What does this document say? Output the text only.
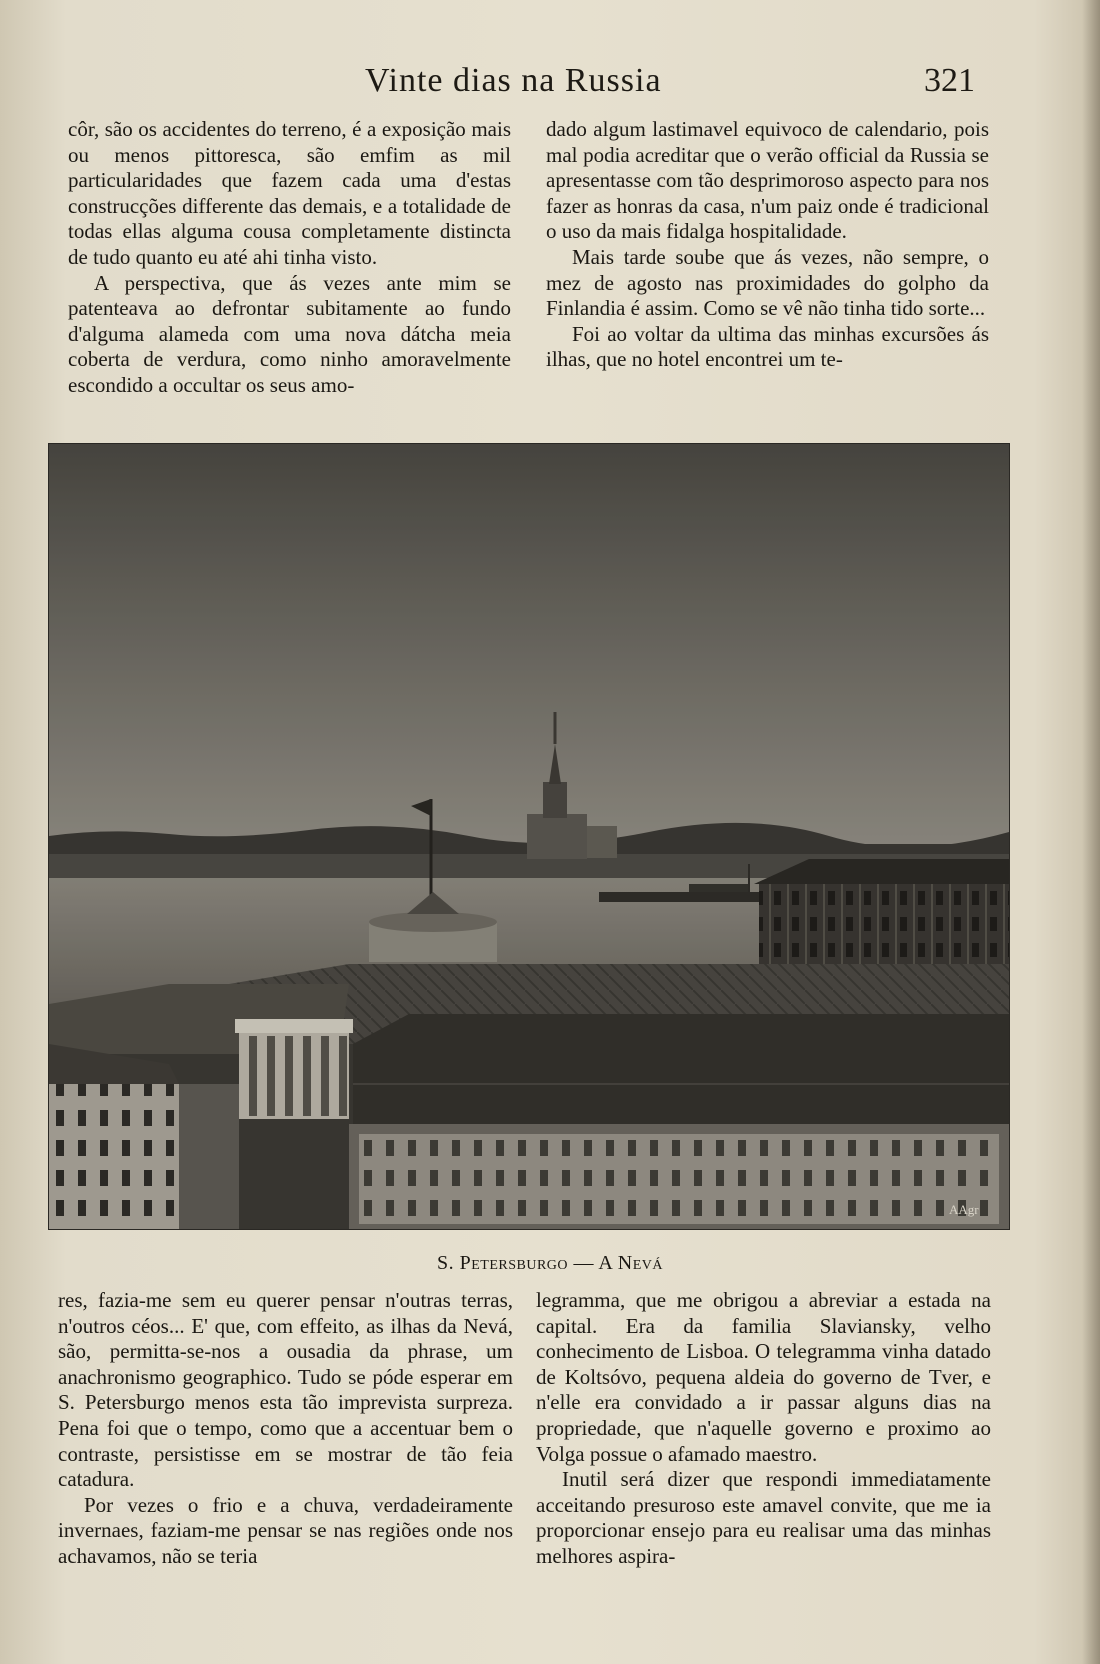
Vinte dias na Russia	321

côr, são os accidentes do terreno, é a exposição mais ou menos pittoresca, são emfim as mil particularidades que fazem cada uma d'estas construcções differente das demais, e a totalidade de todas ellas alguma cousa completamente distincta de tudo quanto eu até ahi tinha visto.

A perspectiva, que ás vezes ante mim se patenteava ao defrontar subitamente ao fundo d'alguma alameda com uma nova dátcha meia coberta de verdura, como ninho amoravelmente escondido a occultar os seus amo-

dado algum lastimavel equivoco de calendario, pois mal podia acreditar que o verão official da Russia se apresentasse com tão desprimoroso aspecto para nos fazer as honras da casa, n'um paiz onde é tradicional o uso da mais fidalga hospitalidade.

Mais tarde soube que ás vezes, não sempre, o mez de agosto nas proximidades do golpho da Finlandia é assim. Como se vê não tinha tido sorte...

Foi ao voltar da ultima das minhas excursões ás ilhas, que no hotel encontrei um te-

AAgr
S. Petersburgo — A Nevá

res, fazia-me sem eu querer pensar n'outras terras, n'outros céos... E' que, com effeito, as ilhas da Nevá, são, permitta-se-nos a ousadia da phrase, um anachronismo geographico. Tudo se póde esperar em S. Petersburgo menos esta tão imprevista surpreza. Pena foi que o tempo, como que a accentuar bem o contraste, persistisse em se mostrar de tão feia catadura.

Por vezes o frio e a chuva, verdadeiramente invernaes, faziam-me pensar se nas regiões onde nos achavamos, não se teria

legramma, que me obrigou a abreviar a estada na capital. Era da familia Slaviansky, velho conhecimento de Lisboa. O telegramma vinha datado de Koltsóvo, pequena aldeia do governo de Tver, e n'elle era convidado a ir passar alguns dias na propriedade, que n'aquelle governo e proximo ao Volga possue o afamado maestro.

Inutil será dizer que respondi immediatamente acceitando presuroso este amavel convite, que me ia proporcionar ensejo para eu realisar uma das minhas melhores aspira-
